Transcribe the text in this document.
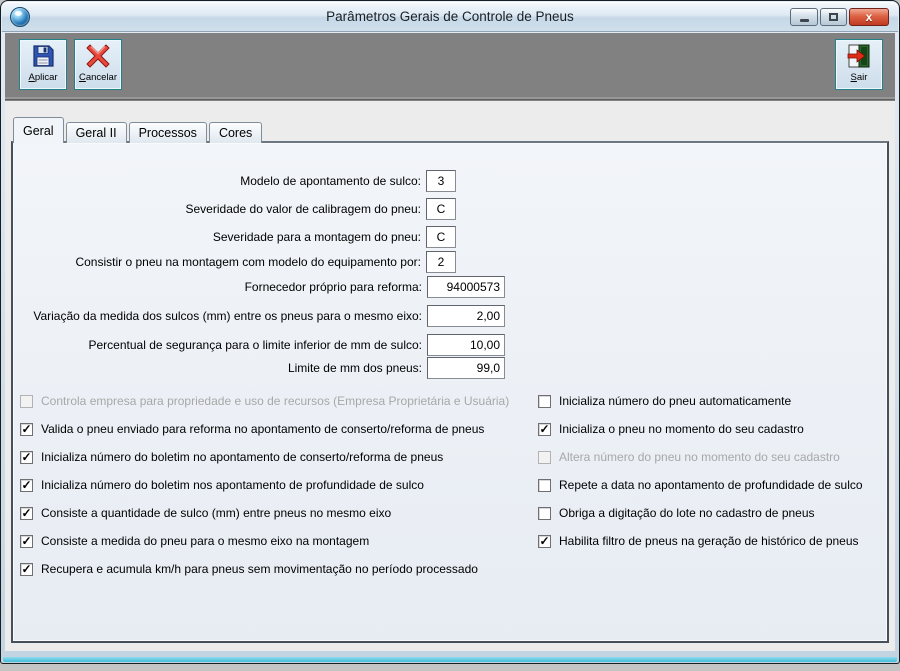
Parâmetros Gerais de Controle de Pneus	x
Aplicar Cancelar	Sair
Geral	Geral II	Processos	Cores
Modelo de apontamento de sulco:
3
Severidade do valor de calibragem do pneu:
C
Severidade para a montagem do pneu:
C
Consistir o pneu na montagem com modelo do equipamento por:
2
Fornecedor próprio para reforma:
94000573
Variação da medida dos sulcos (mm) entre os pneus para o mesmo eixo:
2,00
Percentual de segurança para o limite inferior de mm de sulco:
10,00
Limite de mm dos pneus:
99,0
Controla empresa para propriedade e uso de recursos (Empresa Proprietária e Usuária)
✓ Valida o pneu enviado para reforma no apontamento de conserto/reforma de pneus
✓ Inicializa número do boletim no apontamento de conserto/reforma de pneus
✓ Inicializa número do boletim nos apontamento de profundidade de sulco
✓ Consiste a quantidade de sulco (mm) entre pneus no mesmo eixo
✓ Consiste a medida do pneu para o mesmo eixo na montagem
✓ Recupera e acumula km/h para pneus sem movimentação no período processado
Inicializa número do pneu automaticamente
✓ Inicializa o pneu no momento do seu cadastro
Altera número do pneu no momento do seu cadastro
Repete a data no apontamento de profundidade de sulco
Obriga a digitação do lote no cadastro de pneus
✓ Habilita filtro de pneus na geração de histórico de pneus
